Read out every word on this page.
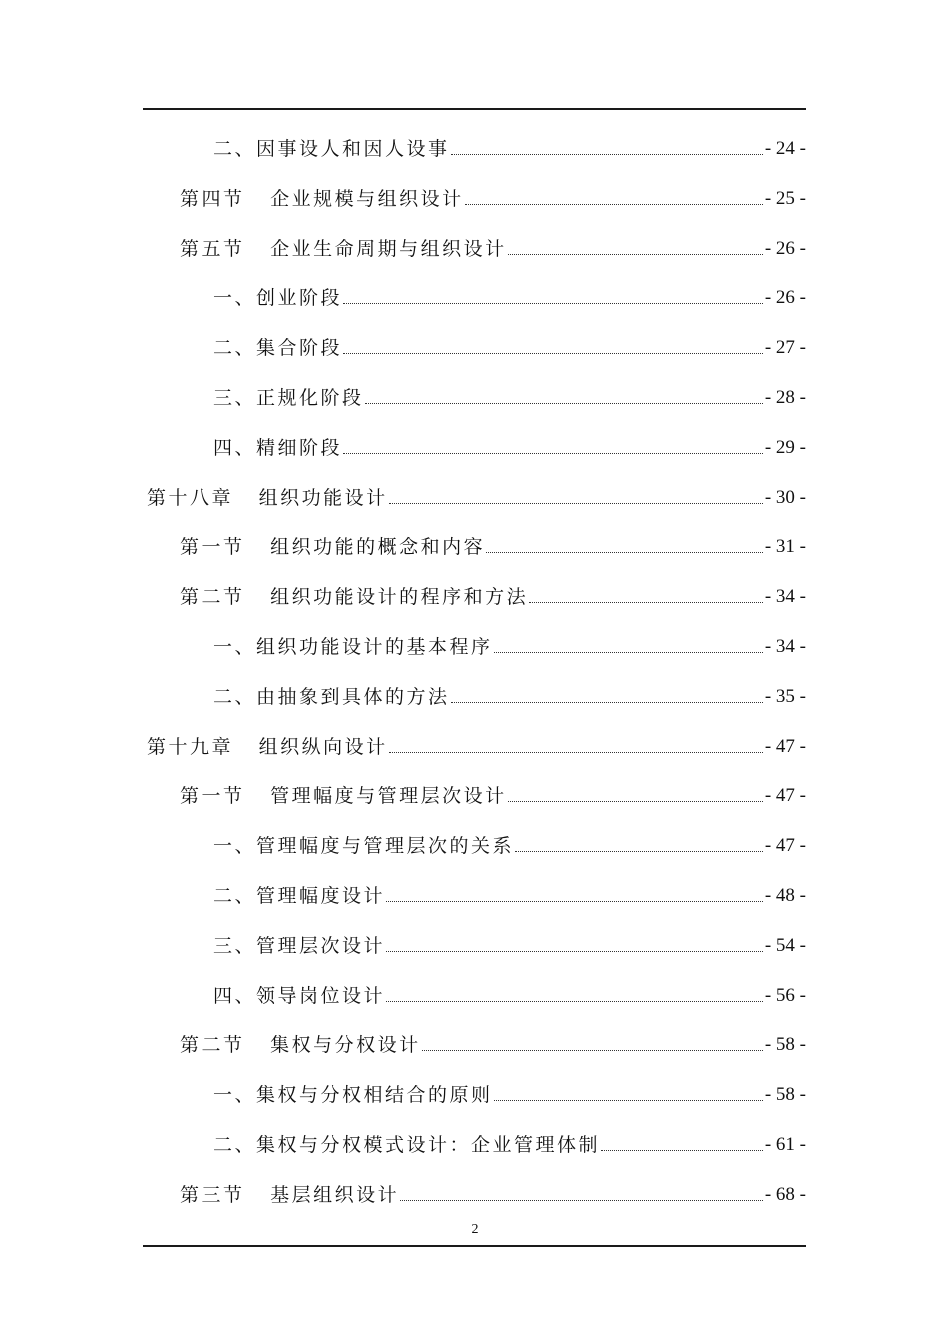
二、因事设人和因人设事	- 24 -
第四节   企业规模与组织设计	- 25 -
第五节   企业生命周期与组织设计	- 26 -
一、创业阶段	- 26 -
二、集合阶段	- 27 -
三、正规化阶段	- 28 -
四、精细阶段	- 29 -
第十八章   组织功能设计	- 30 -
第一节   组织功能的概念和内容	- 31 -
第二节   组织功能设计的程序和方法	- 34 -
一、组织功能设计的基本程序	- 34 -
二、由抽象到具体的方法	- 35 -
第十九章   组织纵向设计	- 47 -
第一节   管理幅度与管理层次设计	- 47 -
一、管理幅度与管理层次的关系	- 47 -
二、管理幅度设计	- 48 -
三、管理层次设计	- 54 -
四、领导岗位设计	- 56 -
第二节   集权与分权设计	- 58 -
一、集权与分权相结合的原则	- 58 -
二、集权与分权模式设计：企业管理体制	- 61 -
第三节   基层组织设计	- 68 -
2
